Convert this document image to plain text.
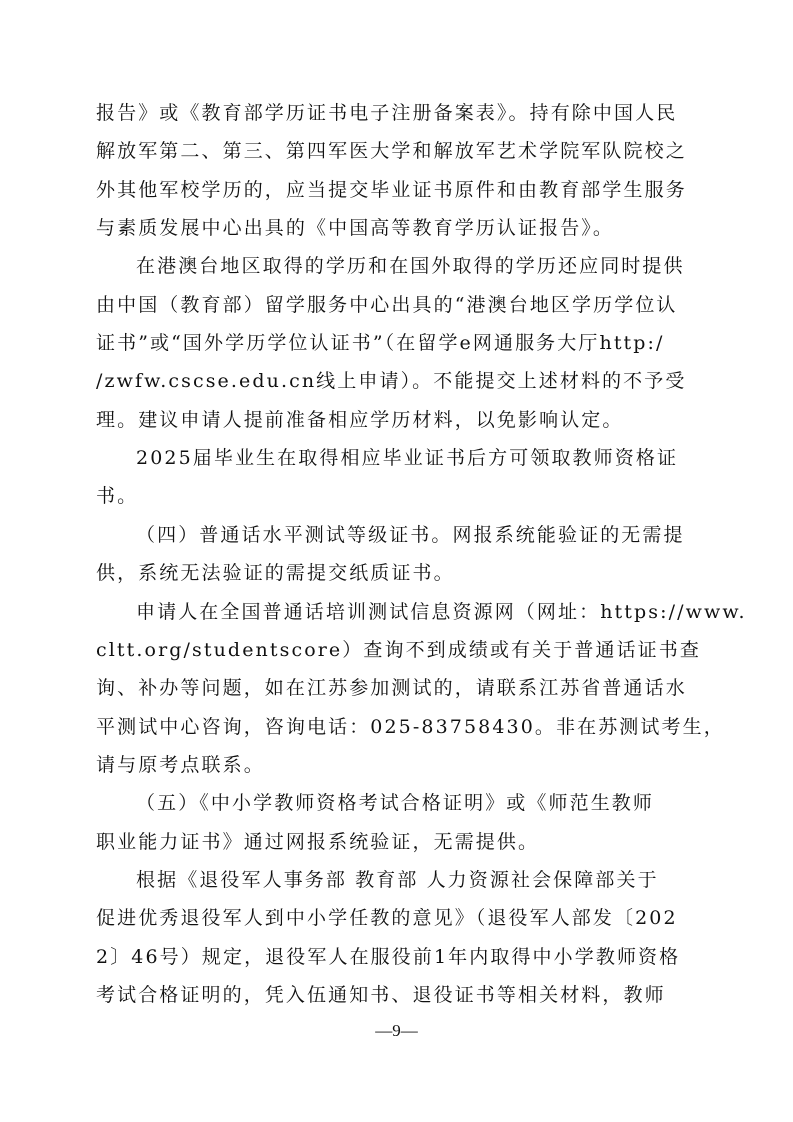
报告》或《教育部学历证书电子注册备案表》。持有除中国人民
解放军第二、第三、第四军医大学和解放军艺术学院军队院校之
外其他军校学历的，应当提交毕业证书原件和由教育部学生服务
与素质发展中心出具的《中国高等教育学历认证报告》。
在港澳台地区取得的学历和在国外取得的学历还应同时提供
由中国（教育部）留学服务中心出具的“港澳台地区学历学位认
证书”或“国外学历学位认证书”（在留学e网通服务大厅http:/
/zwfw.cscse.edu.cn线上申请）。不能提交上述材料的不予受
理。建议申请人提前准备相应学历材料，以免影响认定。
2025届毕业生在取得相应毕业证书后方可领取教师资格证
书。
（四）普通话水平测试等级证书。网报系统能验证的无需提
供，系统无法验证的需提交纸质证书。
申请人在全国普通话培训测试信息资源网（网址：https://www.
cltt.org/studentscore）查询不到成绩或有关于普通话证书查
询、补办等问题，如在江苏参加测试的，请联系江苏省普通话水
平测试中心咨询，咨询电话：025-83758430。非在苏测试考生，
请与原考点联系。
（五）《中小学教师资格考试合格证明》或《师范生教师
职业能力证书》通过网报系统验证，无需提供。
根据《退役军人事务部 教育部 人力资源社会保障部关于
促进优秀退役军人到中小学任教的意见》（退役军人部发〔202
2〕46号）规定，退役军人在服役前1年内取得中小学教师资格
考试合格证明的，凭入伍通知书、退役证书等相关材料，教师
—9—
